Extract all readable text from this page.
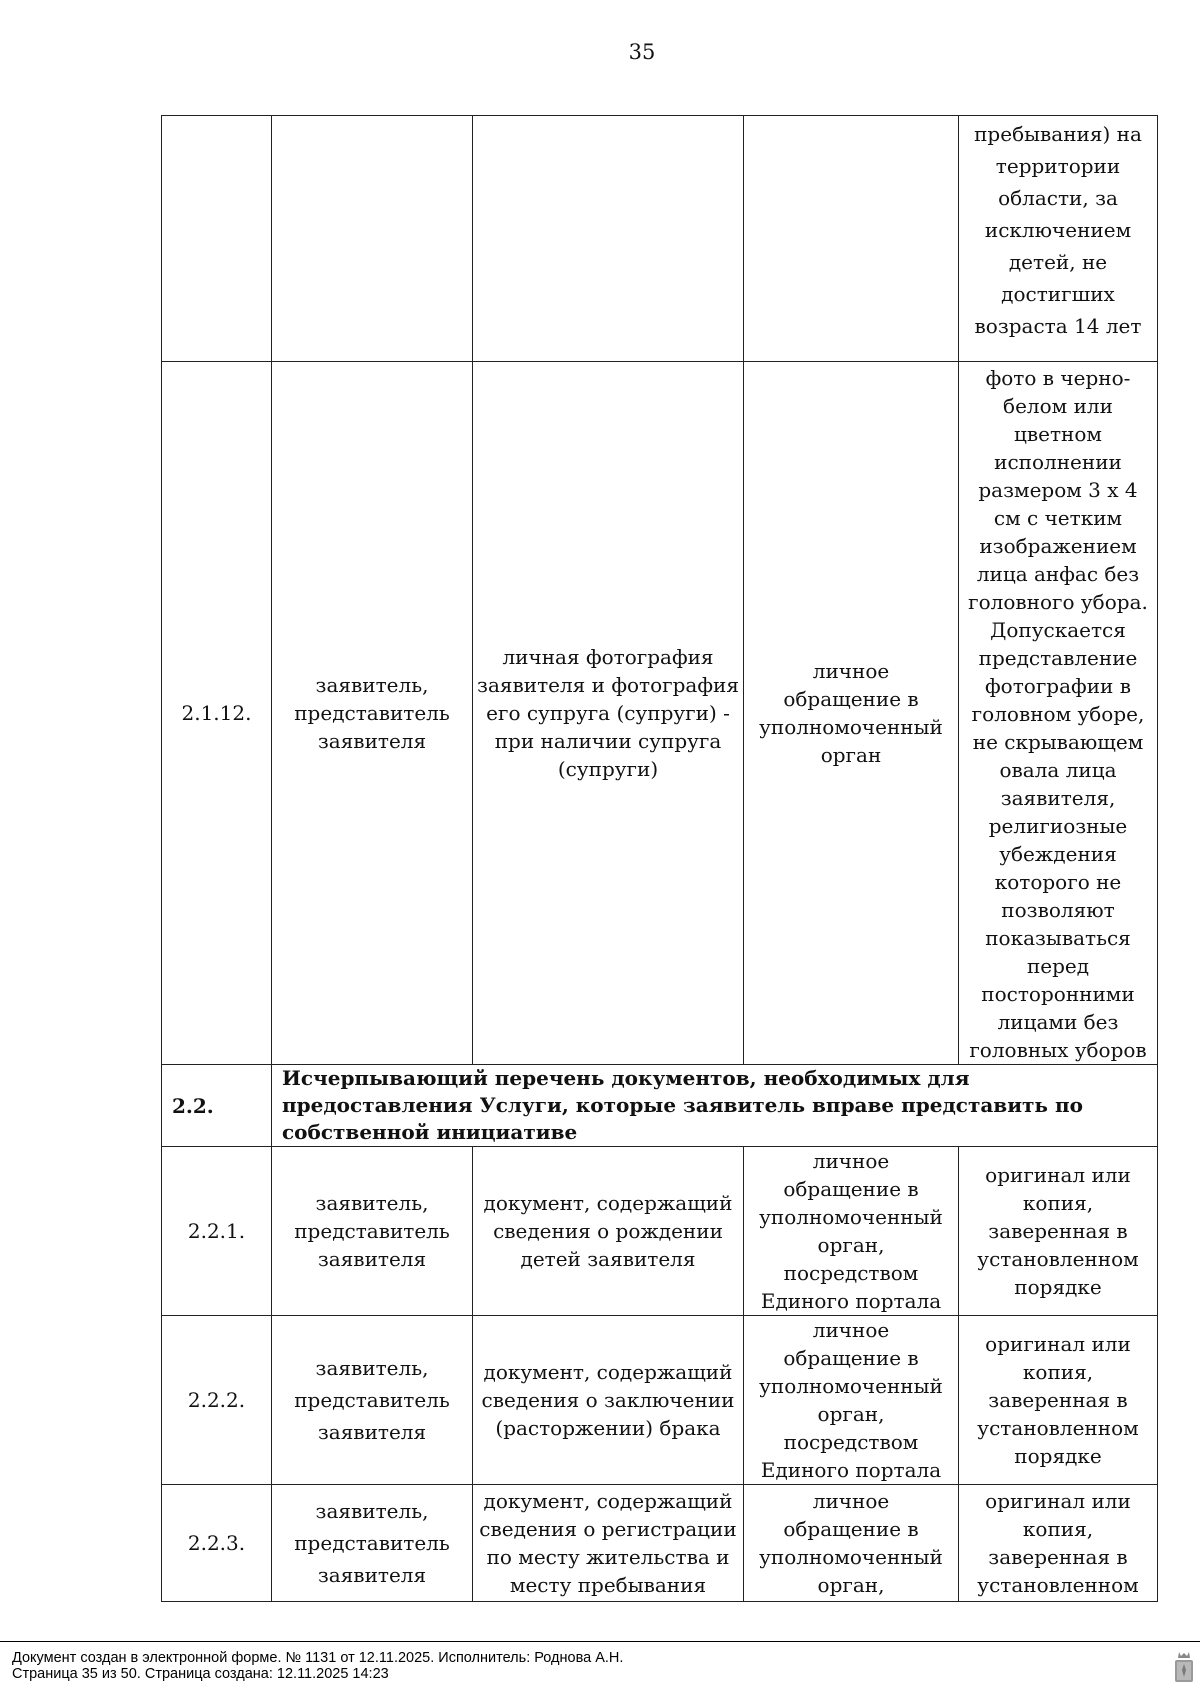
35
				пребывания) на территории области, за исключением детей, не достигших возраста 14 лет
2.1.12.	заявитель, представитель заявителя	личная фотография заявителя и фотография его супруга (супруги) - при наличии супруга (супруги)	личное обращение в уполномоченный орган	фото в черно-белом или цветном исполнении размером 3 х 4 см с четким изображением лица анфас без головного убора. Допускается представление фотографии в головном уборе, не скрывающем овала лица заявителя, религиозные убеждения которого не позволяют показываться перед посторонними лицами без головных уборов
2.2.	Исчерпывающий перечень документов, необходимых для предоставления Услуги, которые заявитель вправе представить по собственной инициативе			
2.2.1.	заявитель, представитель заявителя	документ, содержащий сведения о рождении детей заявителя	личное обращение в уполномоченный орган, посредством Единого портала	оригинал или копия, заверенная в установленном порядке
2.2.2.	заявитель, представитель заявителя	документ, содержащий сведения о заключении (расторжении) брака	личное обращение в уполномоченный орган, посредством Единого портала	оригинал или копия, заверенная в установленном порядке
2.2.3.	заявитель, представитель заявителя	документ, содержащий сведения о регистрации по месту жительства и месту пребывания	личное обращение в уполномоченный орган,	оригинал или копия, заверенная в установленном
Документ создан в электронной форме. № 1131 от 12.11.2025. Исполнитель: Роднова А.Н.
Страница 35 из 50. Страница создана: 12.11.2025 14:23
